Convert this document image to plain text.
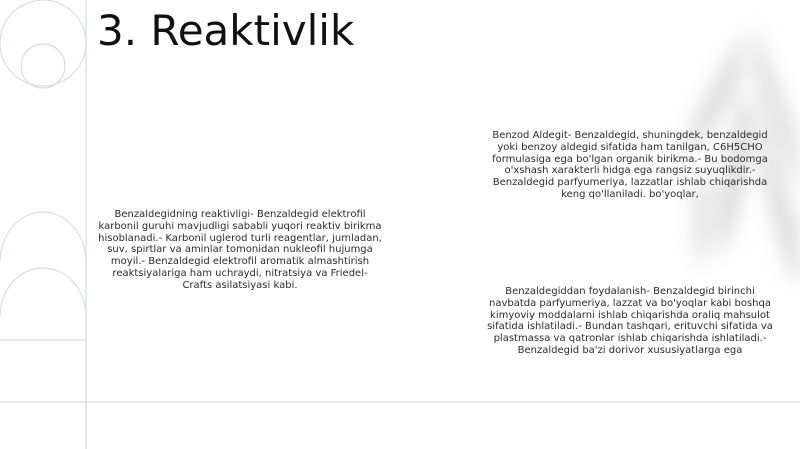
3. Reaktivlik

Benzaldegidning reaktivligi- Benzaldegid elektrofil karbonil guruhi mavjudligi sababli yuqori reaktiv birikma hisoblanadi.- Karbonil uglerod turli reagentlar, jumladan, suv, spirtlar va aminlar tomonidan nukleofil hujumga moyil.- Benzaldegid elektrofil aromatik almashtirish reaktsiyalariga ham uchraydi, nitratsiya va Friedel-Crafts asilatsiyasi kabi.

Benzod Aldegit- Benzaldegid, shuningdek, benzaldegid yoki benzoy aldegid sifatida ham tanilgan, C6H5CHO formulasiga ega bo'lgan organik birikma.- Bu bodomga o'xshash xarakterli hidga ega rangsiz suyuqlikdir.- Benzaldegid parfyumeriya, lazzatlar ishlab chiqarishda keng qo'llaniladi. bo'yoqlar,

Benzaldegiddan foydalanish- Benzaldegid birinchi navbatda parfyumeriya, lazzat va bo'yoqlar kabi boshqa kimyoviy moddalarni ishlab chiqarishda oraliq mahsulot sifatida ishlatiladi.- Bundan tashqari, erituvchi sifatida va plastmassa va qatronlar ishlab chiqarishda ishlatiladi.- Benzaldegid ba'zi dorivor xususiyatlarga ega
